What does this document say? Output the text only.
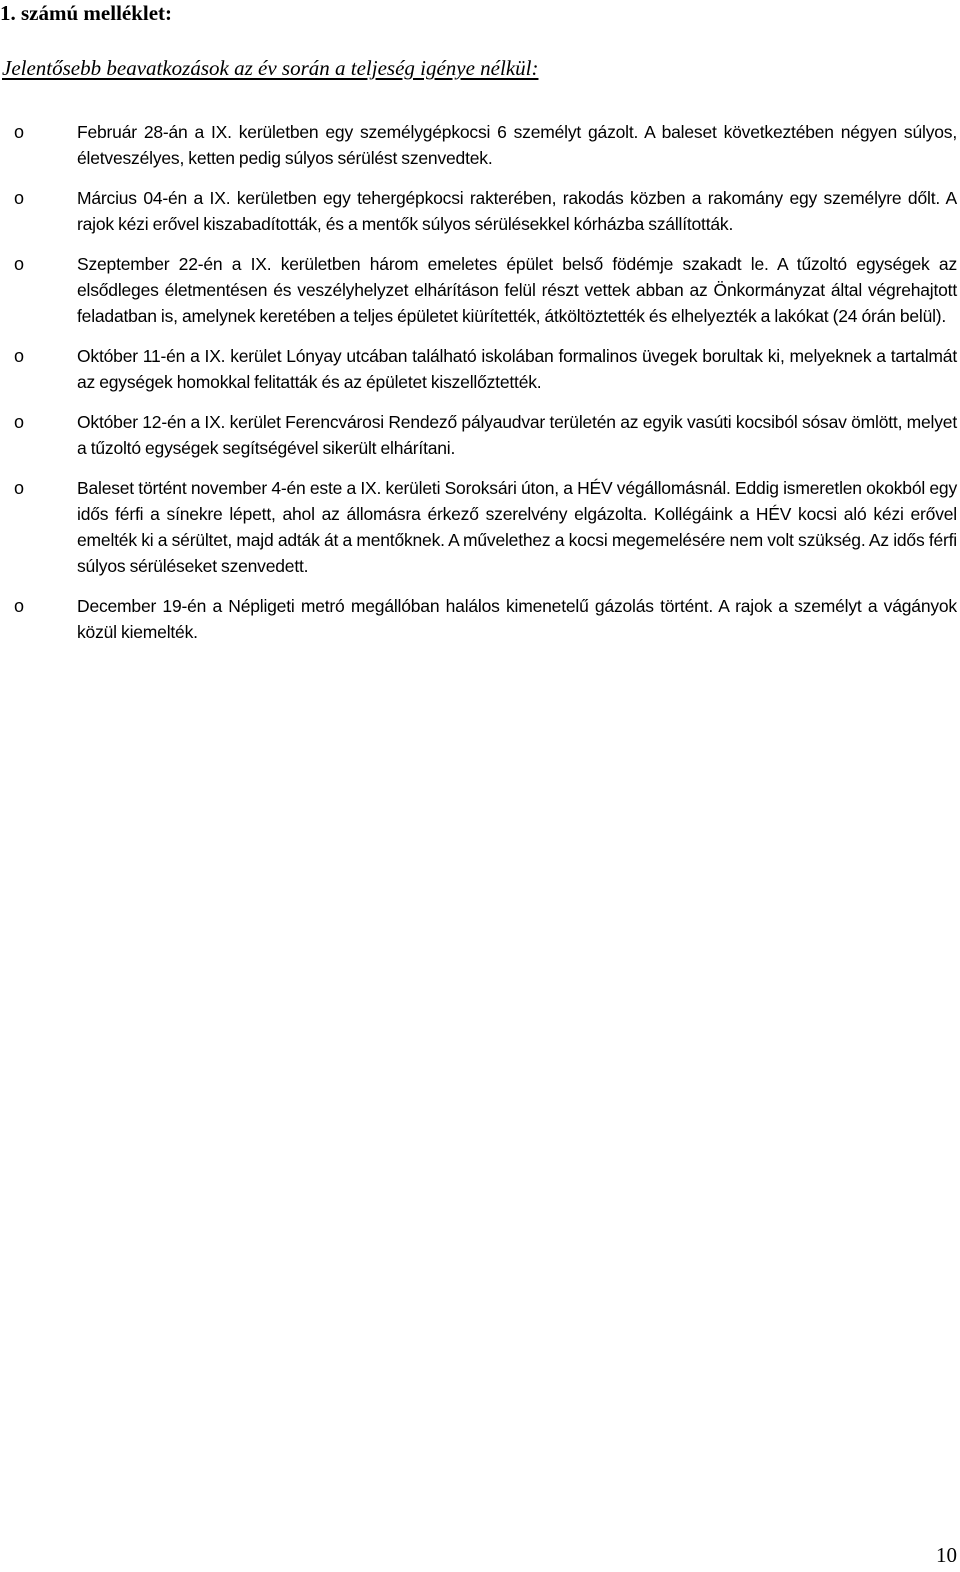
1. számú melléklet:

Jelentősebb beavatkozások az év során a teljeség igénye nélkül:

o	Február 28-án a IX. kerületben egy személygépkocsi 6 személyt gázolt. A baleset következtében négyen súlyos, életveszélyes, ketten pedig súlyos sérülést szenvedtek.
o	Március 04-én a IX. kerületben egy tehergépkocsi rakterében, rakodás közben a rakomány egy személyre dőlt. A rajok kézi erővel kiszabadították, és a mentők súlyos sérülésekkel kórházba szállították.
o	Szeptember 22-én a IX. kerületben három emeletes épület belső födémje szakadt le. A tűzoltó egységek az elsődleges életmentésen és veszélyhelyzet elhárításon felül részt vettek abban az Önkormányzat által végrehajtott feladatban is, amelynek keretében a teljes épületet kiürítették, átköltöztették és elhelyezték a lakókat (24 órán belül).
o	Október 11-én a IX. kerület Lónyay utcában található iskolában formalinos üvegek borultak ki, melyeknek a tartalmát az egységek homokkal felitatták és az épületet kiszellőztették.
o	Október 12-én a IX. kerület Ferencvárosi Rendező pályaudvar területén az egyik vasúti kocsiból sósav ömlött, melyet a tűzoltó egységek segítségével sikerült elhárítani.
o	Baleset történt november 4-én este a IX. kerületi Soroksári úton, a HÉV végállomásnál. Eddig ismeretlen okokból egy idős férfi a sínekre lépett, ahol az állomásra érkező szerelvény elgázolta. Kollégáink a HÉV kocsi aló kézi erővel emelték ki a sérültet, majd adták át a mentőknek. A művelethez a kocsi megemelésére nem volt szükség. Az idős férfi súlyos sérüléseket szenvedett.
o	December 19-én a Népligeti metró megállóban halálos kimenetelű gázolás történt. A rajok a személyt a vágányok közül kiemelték.
10
